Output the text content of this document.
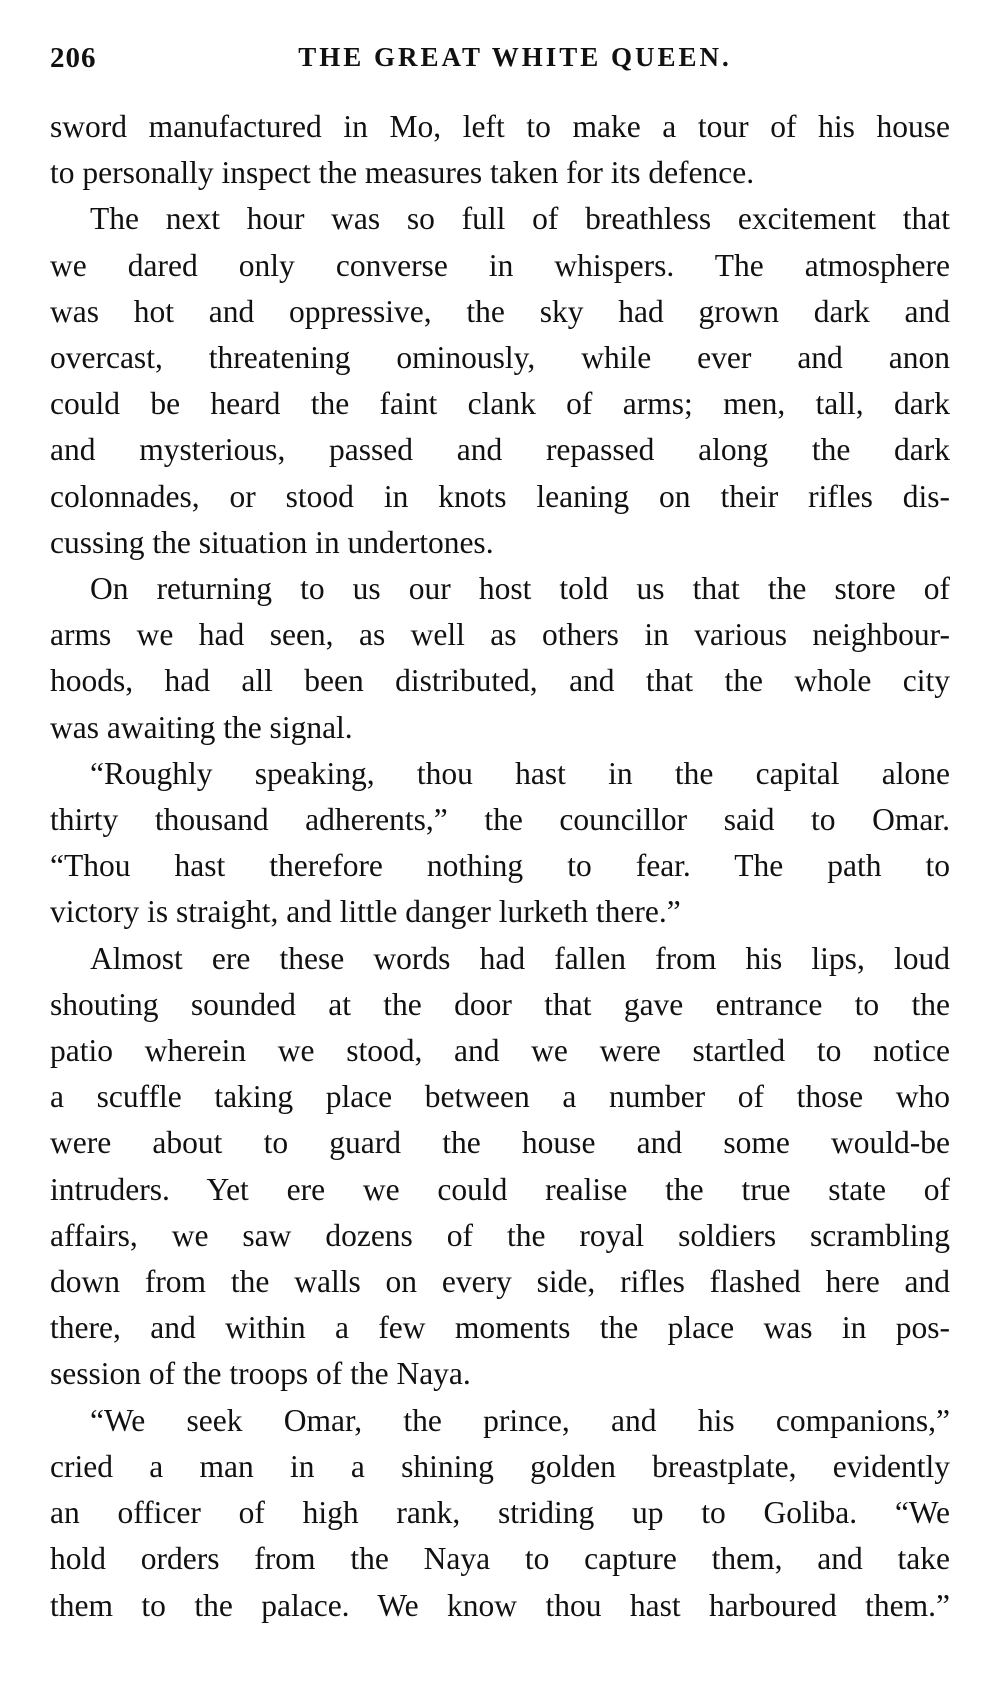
206	THE GREAT WHITE QUEEN.

sword manufactured in Mo, left to make a tour of his house

to personally inspect the measures taken for its defence.

The next hour was so full of breathless excitement that

we dared only converse in whispers. The atmosphere

was hot and oppressive, the sky had grown dark and

overcast, threatening ominously, while ever and anon

could be heard the faint clank of arms; men, tall, dark

and mysterious, passed and repassed along the dark

colonnades, or stood in knots leaning on their rifles dis-

cussing the situation in undertones.

On returning to us our host told us that the store of

arms we had seen, as well as others in various neighbour-

hoods, had all been distributed, and that the whole city

was awaiting the signal.

“Roughly speaking, thou hast in the capital alone

thirty thousand adherents,” the councillor said to Omar.

“Thou hast therefore nothing to fear. The path to

victory is straight, and little danger lurketh there.”

Almost ere these words had fallen from his lips, loud

shouting sounded at the door that gave entrance to the

patio wherein we stood, and we were startled to notice

a scuffle taking place between a number of those who

were about to guard the house and some would-be

intruders. Yet ere we could realise the true state of

affairs, we saw dozens of the royal soldiers scrambling

down from the walls on every side, rifles flashed here and

there, and within a few moments the place was in pos-

session of the troops of the Naya.

“We seek Omar, the prince, and his companions,”

cried a man in a shining golden breastplate, evidently

an officer of high rank, striding up to Goliba. “We

hold orders from the Naya to capture them, and take

them to the palace. We know thou hast harboured them.”
